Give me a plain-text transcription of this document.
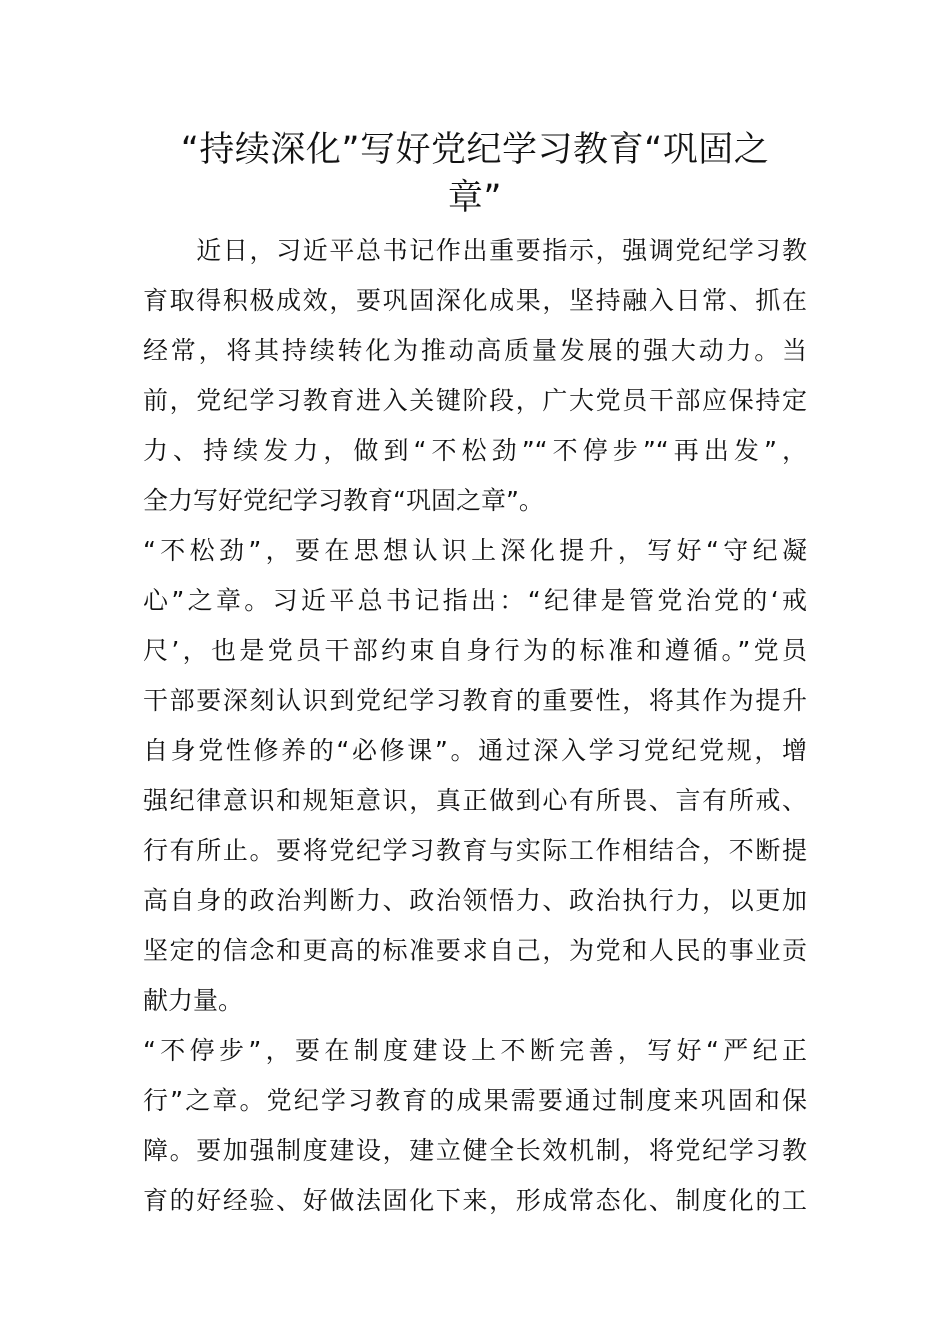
“持续深化”写好党纪学习教育“巩固之
章”
　　近日，习近平总书记作出重要指示，强调党纪学习教
育取得积极成效，要巩固深化成果，坚持融入日常、抓在
经常，将其持续转化为推动高质量发展的强大动力。当
前，党纪学习教育进入关键阶段，广大党员干部应保持定
力、持续发力，做到“不松劲”“不停步”“再出发”，
全力写好党纪学习教育“巩固之章”。
“不松劲”，要在思想认识上深化提升，写好“守纪凝
心”之章。习近平总书记指出：“纪律是管党治党的‘戒
尺’，也是党员干部约束自身行为的标准和遵循。”党员
干部要深刻认识到党纪学习教育的重要性，将其作为提升
自身党性修养的“必修课”。通过深入学习党纪党规，增
强纪律意识和规矩意识，真正做到心有所畏、言有所戒、
行有所止。要将党纪学习教育与实际工作相结合，不断提
高自身的政治判断力、政治领悟力、政治执行力，以更加
坚定的信念和更高的标准要求自己，为党和人民的事业贡
献力量。
“不停步”，要在制度建设上不断完善，写好“严纪正
行”之章。党纪学习教育的成果需要通过制度来巩固和保
障。要加强制度建设，建立健全长效机制，将党纪学习教
育的好经验、好做法固化下来，形成常态化、制度化的工
